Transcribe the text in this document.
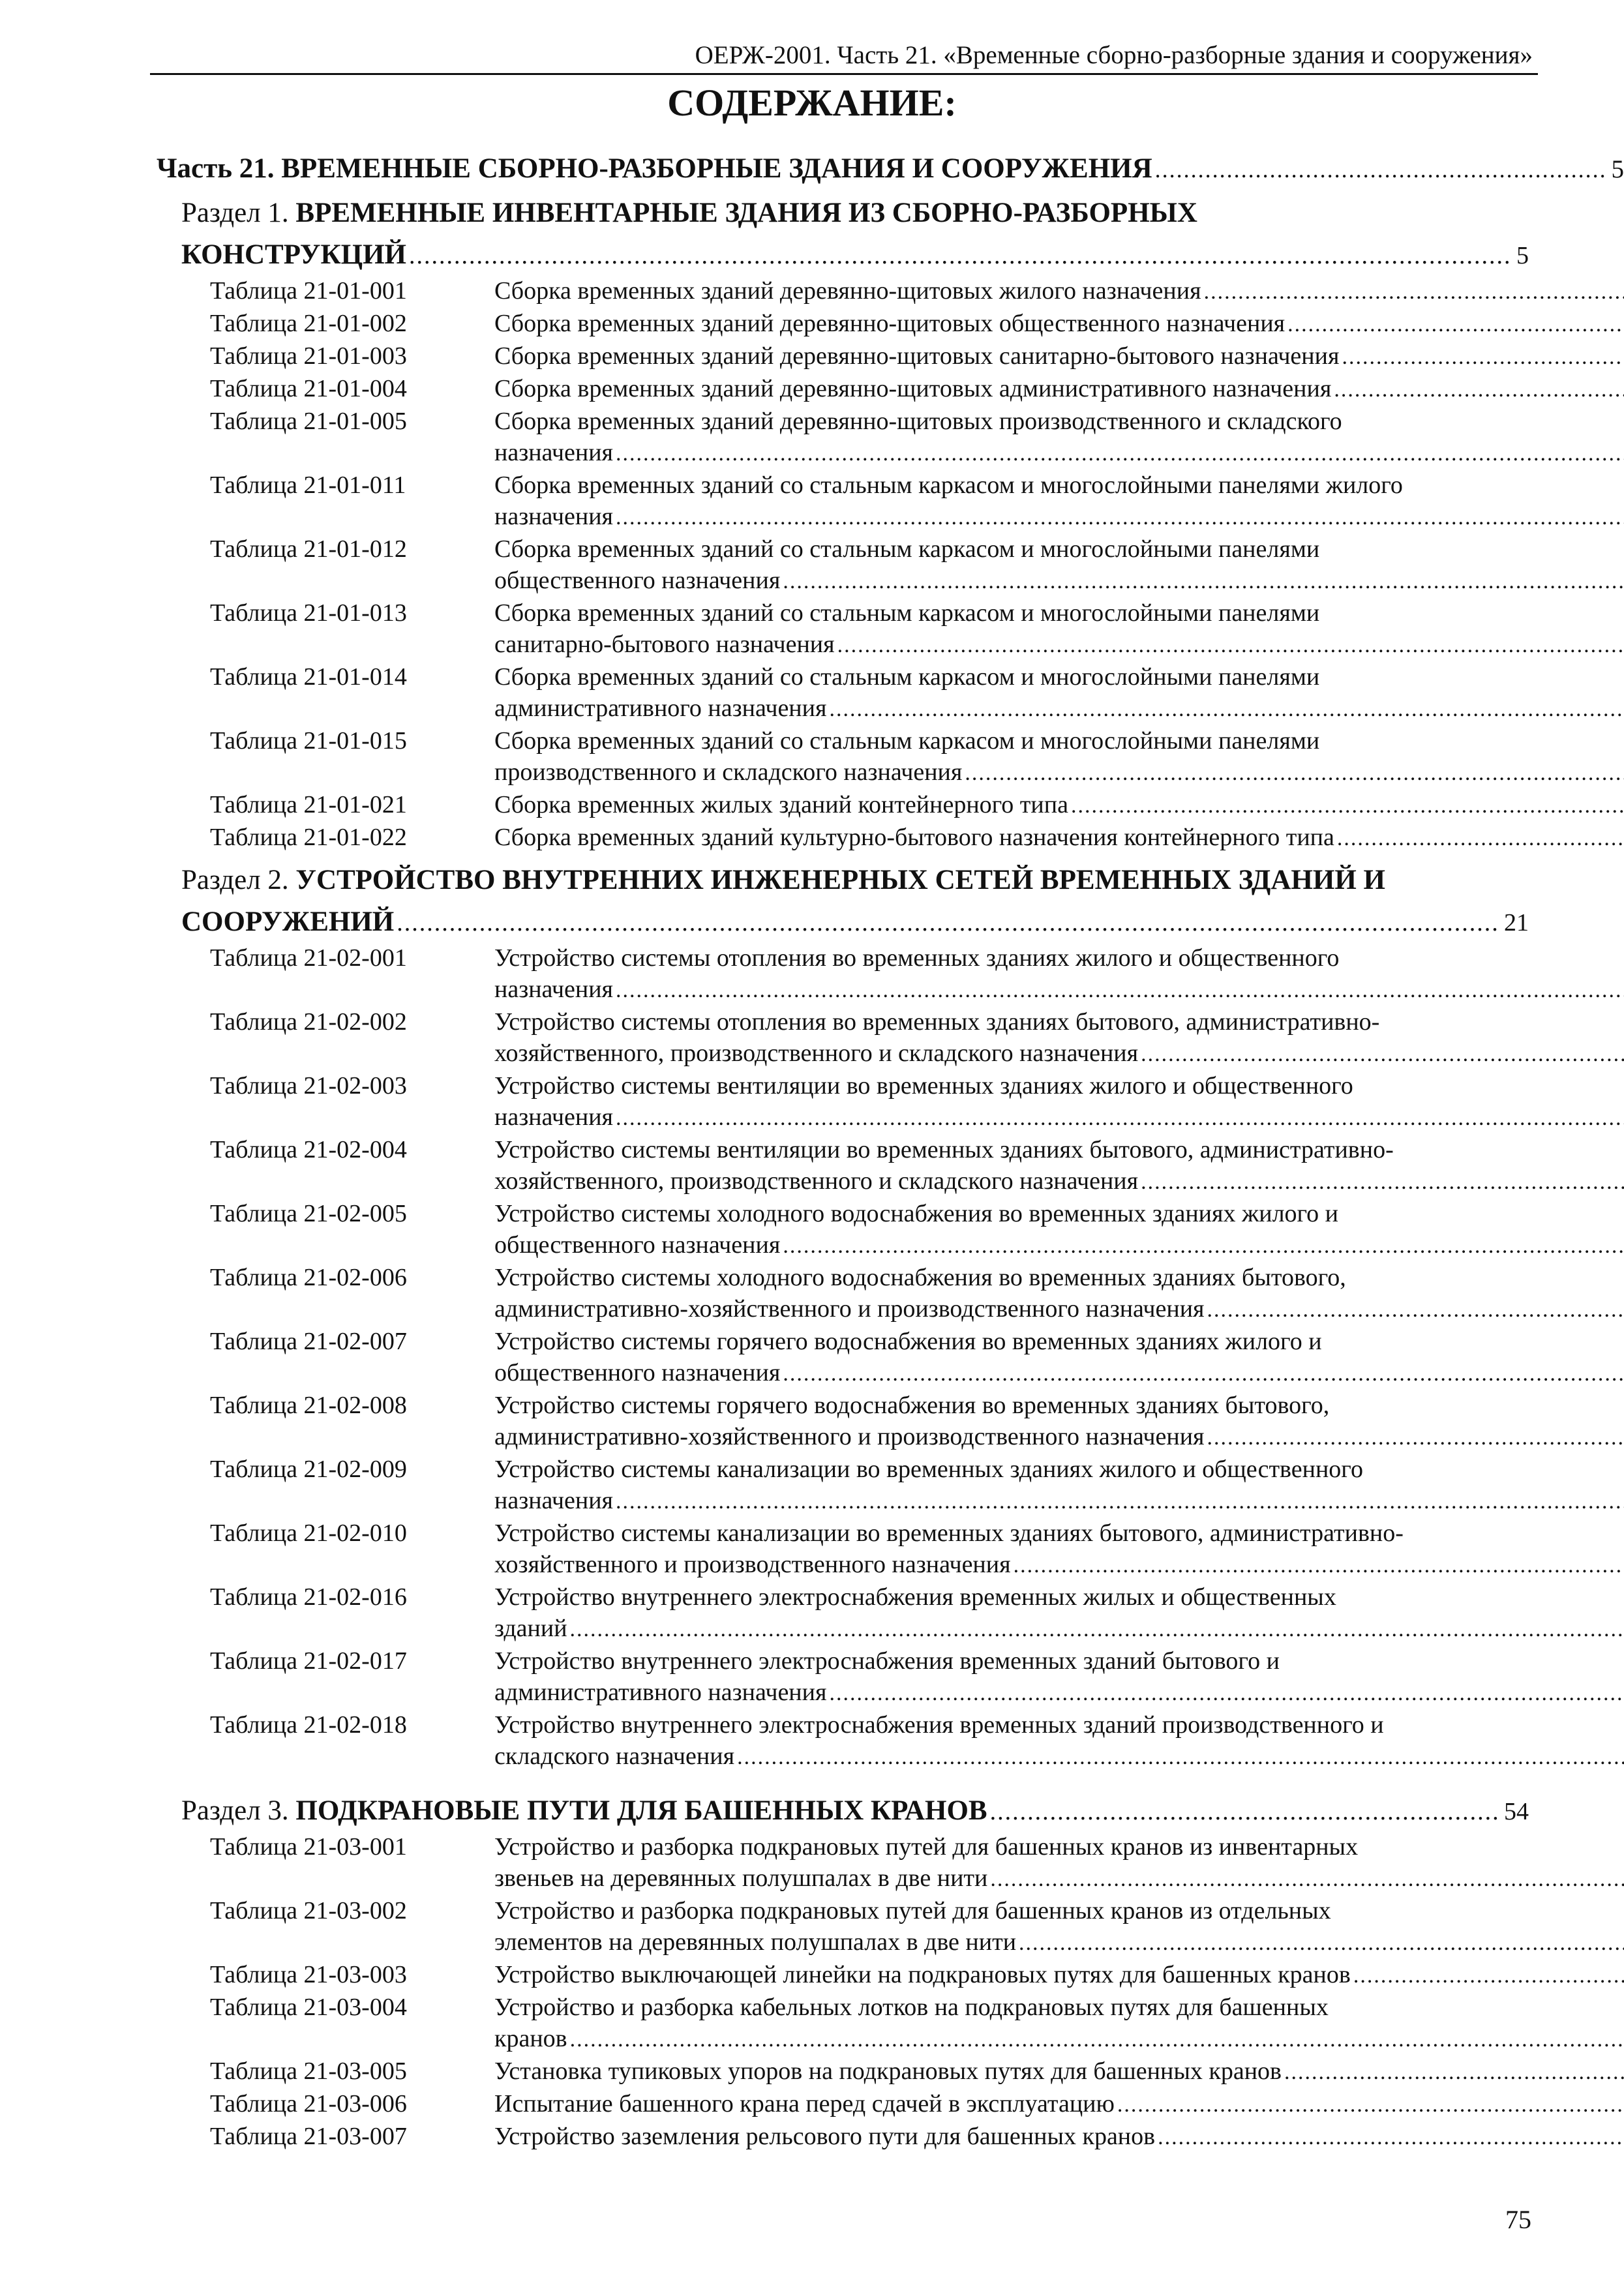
ОЕРЖ-2001. Часть 21. «Временные сборно-разборные здания и сооружения»
СОДЕРЖАНИЕ:
Часть 21. ВРЕМЕННЫЕ СБОРНО-РАЗБОРНЫЕ ЗДАНИЯ И СООРУЖЕНИЯ .....	5
Раздел 1. ВРЕМЕННЫЕ ИНВЕНТАРНЫЕ ЗДАНИЯ ИЗ СБОРНО-РАЗБОРНЫХ
КОНСТРУКЦИЙ .....	5
Таблица 21-01-001	Сборка временных зданий деревянно-щитовых жилого назначения
.....
Таблица 21-01-002	Сборка временных зданий деревянно-щитовых общественного назначения
.....
Таблица 21-01-003	Сборка временных зданий деревянно-щитовых санитарно-бытового назначения
.....
Таблица 21-01-004	Сборка временных зданий деревянно-щитовых административного назначения
.....
Таблица 21-01-005	Сборка временных зданий деревянно-щитовых производственного и складского
назначения
.....
Таблица 21-01-011	Сборка временных зданий со стальным каркасом и многослойными панелями жилого
назначения
.....
Таблица 21-01-012	Сборка временных зданий со стальным каркасом и многослойными панелями
общественного назначения
.....
Таблица 21-01-013	Сборка временных зданий со стальным каркасом и многослойными панелями
санитарно-бытового назначения
.....
Таблица 21-01-014	Сборка временных зданий со стальным каркасом и многослойными панелями
административного назначения
.....
Таблица 21-01-015	Сборка временных зданий со стальным каркасом и многослойными панелями
производственного и складского назначения
.....
Таблица 21-01-021	Сборка временных жилых зданий контейнерного типа
.....
Таблица 21-01-022	Сборка временных зданий культурно-бытового назначения контейнерного типа
.....
Раздел 2. УСТРОЙСТВО ВНУТРЕННИХ ИНЖЕНЕРНЫХ СЕТЕЙ ВРЕМЕННЫХ ЗДАНИЙ И
СООРУЖЕНИЙ .....	21
Таблица 21-02-001	Устройство системы отопления во временных зданиях жилого и общественного
назначения
.....
Таблица 21-02-002	Устройство системы отопления во временных зданиях бытового, административно-
хозяйственного, производственного и складского назначения
.....
Таблица 21-02-003	Устройство системы вентиляции во временных зданиях жилого и общественного
назначения
.....
Таблица 21-02-004	Устройство системы вентиляции во временных зданиях бытового, административно-
хозяйственного, производственного и складского назначения
.....
Таблица 21-02-005	Устройство системы холодного водоснабжения во временных зданиях жилого и
общественного назначения
.....
Таблица 21-02-006	Устройство системы холодного водоснабжения во временных зданиях бытового,
административно-хозяйственного и производственного назначения
.....
Таблица 21-02-007	Устройство системы горячего водоснабжения во временных зданиях жилого и
общественного назначения
.....
Таблица 21-02-008	Устройство системы горячего водоснабжения во временных зданиях бытового,
административно-хозяйственного и производственного назначения
.....
Таблица 21-02-009	Устройство системы канализации во временных зданиях жилого и общественного
назначения
.....
Таблица 21-02-010	Устройство системы канализации во временных зданиях бытового, административно-
хозяйственного и производственного назначения
.....
Таблица 21-02-016	Устройство внутреннего электроснабжения временных жилых и общественных
зданий
.....
Таблица 21-02-017	Устройство внутреннего электроснабжения временных зданий бытового и
административного назначения
.....
Таблица 21-02-018	Устройство внутреннего электроснабжения временных зданий производственного и
складского назначения
.....
Раздел 3. ПОДКРАНОВЫЕ ПУТИ ДЛЯ БАШЕННЫХ КРАНОВ .....	54
Таблица 21-03-001	Устройство и разборка подкрановых путей для башенных кранов из инвентарных
звеньев на деревянных полушпалах в две нити
.....
Таблица 21-03-002	Устройство и разборка подкрановых путей для башенных кранов из отдельных
элементов на деревянных полушпалах в две нити
.....
Таблица 21-03-003	Устройство выключающей линейки на подкрановых путях для башенных кранов
.....
Таблица 21-03-004	Устройство и разборка кабельных лотков на подкрановых путях для башенных
кранов
.....
Таблица 21-03-005	Установка тупиковых упоров на подкрановых путях для башенных кранов
.....
Таблица 21-03-006	Испытание башенного крана перед сдачей в эксплуатацию
.....
Таблица 21-03-007	Устройство заземления рельсового пути для башенных кранов
.....
75
